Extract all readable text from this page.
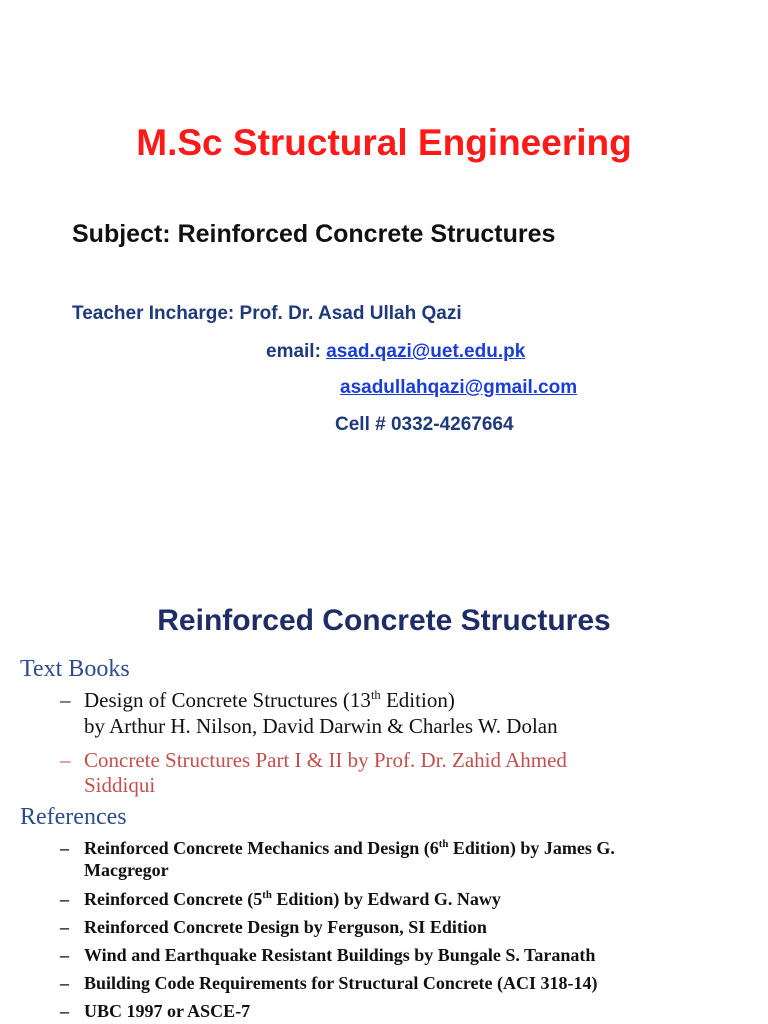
M.Sc Structural Engineering
Subject: Reinforced Concrete Structures
Teacher Incharge: Prof. Dr. Asad Ullah Qazi
email: asad.qazi@uet.edu.pk
asadullahqazi@gmail.com
Cell # 0332-4267664
Reinforced Concrete Structures
Text Books
– Design of Concrete Structures (13th Edition)
by Arthur H. Nilson, David Darwin & Charles W. Dolan
– Concrete Structures Part I & II by Prof. Dr. Zahid Ahmed
Siddiqui
References
– Reinforced Concrete Mechanics and Design (6th Edition) by James G.
Macgregor
– Reinforced Concrete (5th Edition) by Edward G. Nawy
– Reinforced Concrete Design by Ferguson, SI Edition
– Wind and Earthquake Resistant Buildings by Bungale S. Taranath
– Building Code Requirements for Structural Concrete (ACI 318-14)
– UBC 1997 or ASCE-7
